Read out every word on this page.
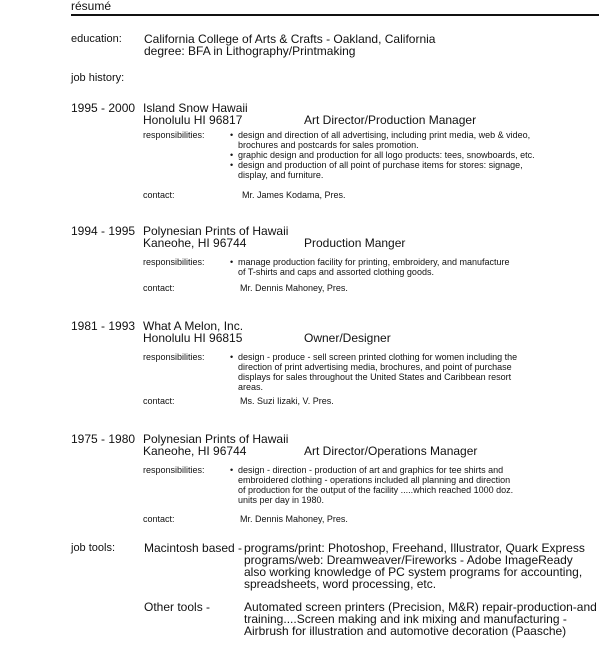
résumé
education: California College of Arts & Crafts - Oakland, California
degree: BFA in Lithography/Printmaking
job history:
1995 - 2000 Island Snow Hawaii
Honolulu HI 96817	Art Director/Production Manager
responsibilities:	• design and direction of all advertising, including print media, web & video,
brochures and postcards for sales promotion.
• graphic design and production for all logo products: tees, snowboards, etc.
• design and production of all point of purchase items for stores: signage,
display, and furniture.
contact:	Mr. James Kodama, Pres.
1994 - 1995 Polynesian Prints of Hawaii
Kaneohe, HI 96744	Production Manger
responsibilities:	• manage production facility for printing, embroidery, and manufacture
of T-shirts and caps and assorted clothing goods.
contact:	Mr. Dennis Mahoney, Pres.
1981 - 1993 What A Melon, Inc.
Honolulu HI 96815	Owner/Designer
responsibilities:	• design - produce - sell screen printed clothing for women including the
direction of print advertising media, brochures, and point of purchase
displays for sales throughout the United States and Caribbean resort
areas.
contact:	Ms. Suzi Iizaki, V. Pres.
1975 - 1980 Polynesian Prints of Hawaii
Kaneohe, HI 96744	Art Director/Operations Manager
responsibilities:	• design - direction - production of art and graphics for tee shirts and
embroidered clothing - operations included all planning and direction
of production for the output of the facility .....which reached 1000 doz.
units per day in 1980.
contact:	Mr. Dennis Mahoney, Pres.
job tools: Macintosh based - programs/print: Photoshop, Freehand, Illustrator, Quark Express
programs/web: Dreamweaver/Fireworks - Adobe ImageReady
also working knowledge of PC system programs for accounting,
spreadsheets, word processing, etc.
Other tools -	Automated screen printers (Precision, M&R) repair-production-and
training....Screen making and ink mixing and manufacturing -
Airbrush for illustration and automotive decoration (Paasche)
